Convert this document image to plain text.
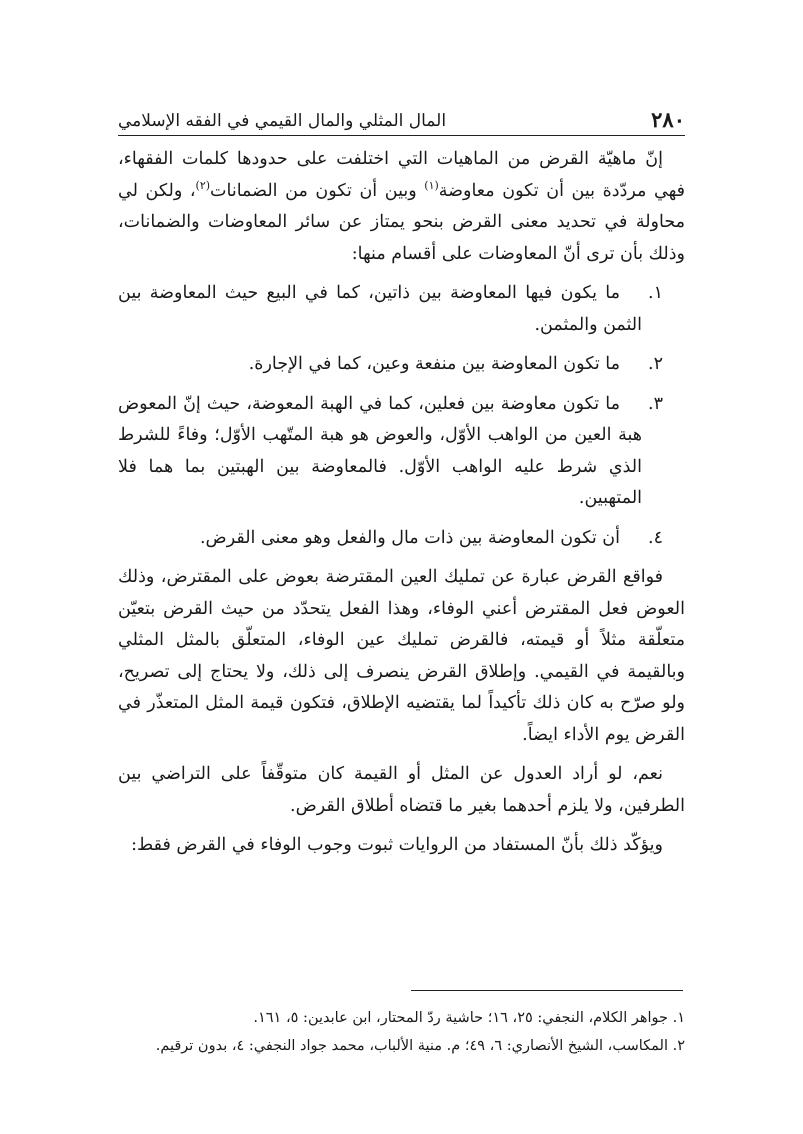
٢٨٠
المال المثلي والمال القيمي في الفقه الإسلامي

إنّ ماهيّة القرض من الماهيات التي اختلفت على حدودها كلمات الفقهاء، فهي مردّدة بين أن تكون معاوضة$^{(١)}$ وبين أن تكون من الضمانات$^{(٢)}$، ولكن لي محاولة في تحديد معنى القرض بنحو يمتاز عن سائر المعاوضات والضمانات، وذلك بأن ترى أنّ المعاوضات على أقسام منها:

١.
ما يكون فيها المعاوضة بين ذاتين، كما في البيع حيث المعاوضة بين الثمن والمثمن.

٢.
ما تكون المعاوضة بين منفعة وعين، كما في الإجارة.

٣.
ما تكون معاوضة بين فعلين، كما في الهبة المعوضة، حيث إنّ المعوض هبة العين من الواهب الأوّل، والعوض هو هبة المتّهب الأوّل؛ وفاءً للشرط الذي شرط عليه الواهب الأوّل. فالمعاوضة بين الهبتين بما هما فلا المتهبين.

٤.
أن تكون المعاوضة بين ذات مال والفعل وهو معنى القرض.

فواقع القرض عبارة عن تمليك العين المقترضة بعوض على المقترض، وذلك العوض فعل المقترض أعني الوفاء، وهذا الفعل يتحدّد من حيث القرض بتعيّن متعلّقة مثلاً أو قيمته، فالقرض تمليك عين الوفاء، المتعلّق بالمثل المثلي وبالقيمة في القيمي. وإطلاق القرض ينصرف إلى ذلك، ولا يحتاج إلى تصريح، ولو صرّح به كان ذلك تأكيداً لما يقتضيه الإطلاق، فتكون قيمة المثل المتعذّر في القرض يوم الأداء ايضاً.

نعم، لو أراد العدول عن المثل أو القيمة كان متوقّفاً على التراضي بين الطرفين، ولا يلزم أحدهما بغير ما قتضاه أطلاق القرض.

ويؤكّد ذلك بأنّ المستفاد من الروايات ثبوت وجوب الوفاء في القرض فقط:

١. جواهر الكلام، النجفي: ٢٥، ١٦؛ حاشية ردّ المحتار، ابن عابدين: ٥، ١٦١.
٢. المكاسب، الشيخ الأنصاري: ٦، ٤٩؛ م. منية الألباب، محمد جواد النجفي: ٤، بدون ترقيم.
